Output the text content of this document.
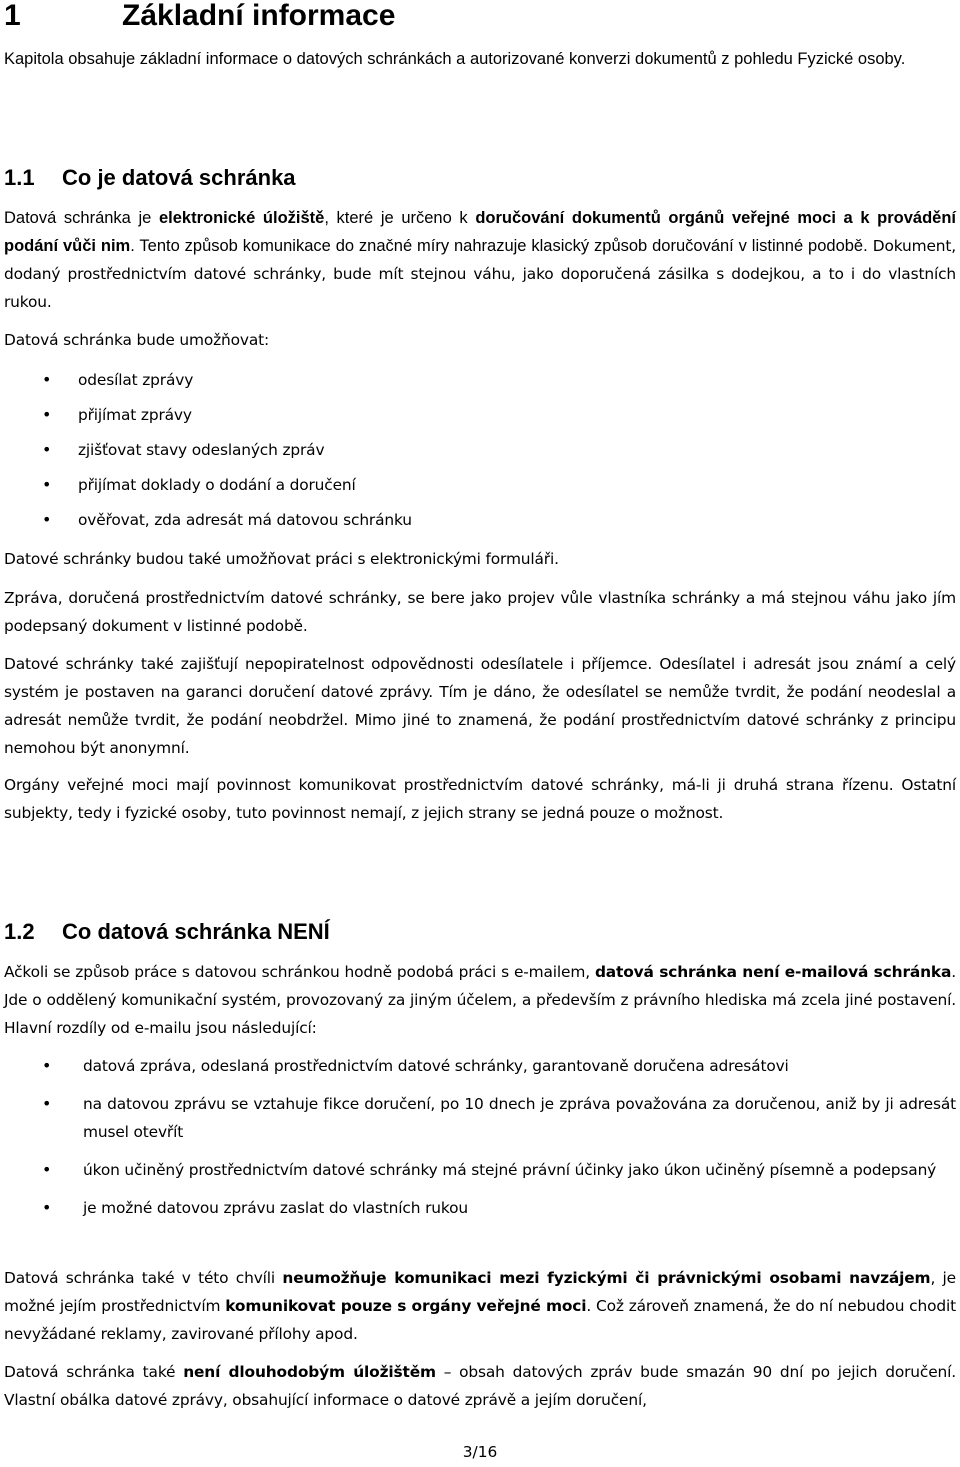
1	Základní informace

Kapitola obsahuje základní informace o datových schránkách a autorizované konverzi dokumentů z pohledu Fyzické osoby.

1.1 Co je datová schránka

Datová schránka je elektronické úložiště, které je určeno k doručování dokumentů orgánů veřejné moci a k provádění podání vůči nim. Tento způsob komunikace do značné míry nahrazuje klasický způsob doručování v listinné podobě. Dokument, dodaný prostřednictvím datové schránky, bude mít stejnou váhu, jako doporučená zásilka s dodejkou, a to i do vlastních rukou.

Datová schránka bude umožňovat:

• odesílat zprávy
• přijímat zprávy
• zjišťovat stavy odeslaných zpráv
• přijímat doklady o dodání a doručení
• ověřovat, zda adresát má datovou schránku

Datové schránky budou také umožňovat práci s elektronickými formuláři.

Zpráva, doručená prostřednictvím datové schránky, se bere jako projev vůle vlastníka schránky a má stejnou váhu jako jím podepsaný dokument v listinné podobě.

Datové schránky také zajišťují nepopiratelnost odpovědnosti odesílatele i příjemce. Odesílatel i adresát jsou známí a celý systém je postaven na garanci doručení datové zprávy. Tím je dáno, že odesílatel se nemůže tvrdit, že podání neodeslal a adresát nemůže tvrdit, že podání neobdržel. Mimo jiné to znamená, že podání prostřednictvím datové schránky z principu nemohou být anonymní.

Orgány veřejné moci mají povinnost komunikovat prostřednictvím datové schránky, má-li ji druhá strana řízenu. Ostatní subjekty, tedy i fyzické osoby, tuto povinnost nemají, z jejich strany se jedná pouze o možnost.

1.2 Co datová schránka NENÍ

Ačkoli se způsob práce s datovou schránkou hodně podobá práci s e-mailem, datová schránka není e-mailová schránka. Jde o oddělený komunikační systém, provozovaný za jiným účelem, a především z právního hlediska má zcela jiné postavení. Hlavní rozdíly od e-mailu jsou následující:

• datová zpráva, odeslaná prostřednictvím datové schránky, garantovaně doručena adresátovi
• na datovou zprávu se vztahuje fikce doručení, po 10 dnech je zpráva považována za doručenou, aniž by ji adresát musel otevřít
• úkon učiněný prostřednictvím datové schránky má stejné právní účinky jako úkon učiněný písemně a podepsaný
• je možné datovou zprávu zaslat do vlastních rukou

Datová schránka také v této chvíli neumožňuje komunikaci mezi fyzickými či právnickými osobami navzájem, je možné jejím prostřednictvím komunikovat pouze s orgány veřejné moci. Což zároveň znamená, že do ní nebudou chodit nevyžádané reklamy, zavirované přílohy apod.

Datová schránka také není dlouhodobým úložištěm – obsah datových zpráv bude smazán 90 dní po jejich doručení. Vlastní obálka datové zprávy, obsahující informace o datové zprávě a jejím doručení,

3/16
